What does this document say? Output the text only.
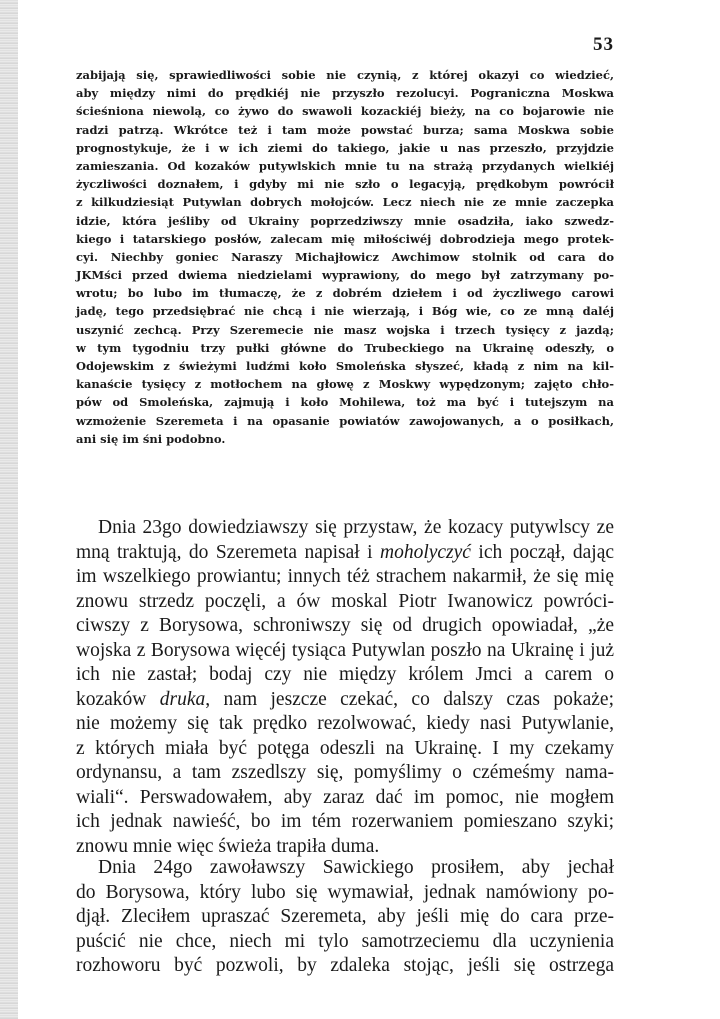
53
zabijają się, sprawiedliwości sobie nie czynią, z której okazyi co wiedzieć,
aby między nimi do prędkiéj nie przyszło rezolucyi. Pograniczna Moskwa
ścieśniona niewolą, co żywo do swawoli kozackiéj bieży, na co bojarowie nie
radzi patrzą. Wkrótce też i tam może powstać burza; sama Moskwa sobie
prognostykuje, że i w ich ziemi do takiego, jakie u nas przeszło, przyjdzie
zamieszania. Od kozaków putywlskich mnie tu na strażą przydanych wielkiéj
życzliwości doznałem, i gdyby mi nie szło o legacyją, prędkobym powrócił
z kilkudziesiąt Putywlan dobrych mołojców. Lecz niech nie ze mnie zaczepka
idzie, która jeśliby od Ukrainy poprzedziwszy mnie osadziła, iako szwedz-
kiego i tatarskiego posłów, zalecam mię miłościwéj dobrodzieja mego protek-
cyi. Niechby goniec Naraszy Michajłowicz Awchimow stolnik od cara do
JKMści przed dwiema niedzielami wyprawiony, do mego był zatrzymany po-
wrotu; bo lubo im tłumaczę, że z dobrém dziełem i od życzliwego carowi
jadę, tego przedsiębrać nie chcą i nie wierzają, i Bóg wie, co ze mną daléj
uszynić zechcą. Przy Szeremecie nie masz wojska i trzech tysięcy z jazdą;
w tym tygodniu trzy pułki główne do Trubeckiego na Ukrainę odeszły, o
Odojewskim z świeżymi ludźmi koło Smoleńska słyszeć, kładą z nim na kil-
kanaście tysięcy z motłochem na głowę z Moskwy wypędzonym; zajęto chło-
pów od Smoleńska, zajmują i koło Mohilewa, toż ma być i tutejszym na
wzmożenie Szeremeta i na opasanie powiatów zawojowanych, a o posiłkach,
ani się im śni podobno.
Dnia 23go dowiedziawszy się przystaw, że kozacy putywlscy ze
mną traktują, do Szeremeta napisał i moholyczyć ich począł, dając
im wszelkiego prowiantu; innych téż strachem nakarmił, że się mię
znowu strzedz poczęli, a ów moskal Piotr Iwanowicz powróci-
ciwszy z Borysowa, schroniwszy się od drugich opowiadał, „że
wojska z Borysowa więcéj tysiąca Putywlan poszło na Ukrainę i już
ich nie zastał; bodaj czy nie między królem Jmci a carem o
kozaków druka, nam jeszcze czekać, co dalszy czas pokaże;
nie możemy się tak prędko rezolwować, kiedy nasi Putywlanie,
z których miała być potęga odeszli na Ukrainę. I my czekamy
ordynansu, a tam zszedlszy się, pomyślimy o czémeśmy nama-
wiali“. Perswadowałem, aby zaraz dać im pomoc, nie mogłem
ich jednak nawieść, bo im tém rozerwaniem pomieszano szyki;
znowu mnie więc świeża trapiła duma.
Dnia 24go zawoławszy Sawickiego prosiłem, aby jechał
do Borysowa, który lubo się wymawiał, jednak namówiony po-
djął. Zleciłem upraszać Szeremeta, aby jeśli mię do cara prze-
puścić nie chce, niech mi tylo samotrzeciemu dla uczynienia
rozhoworu być pozwoli, by zdaleka stojąc, jeśli się ostrzega
